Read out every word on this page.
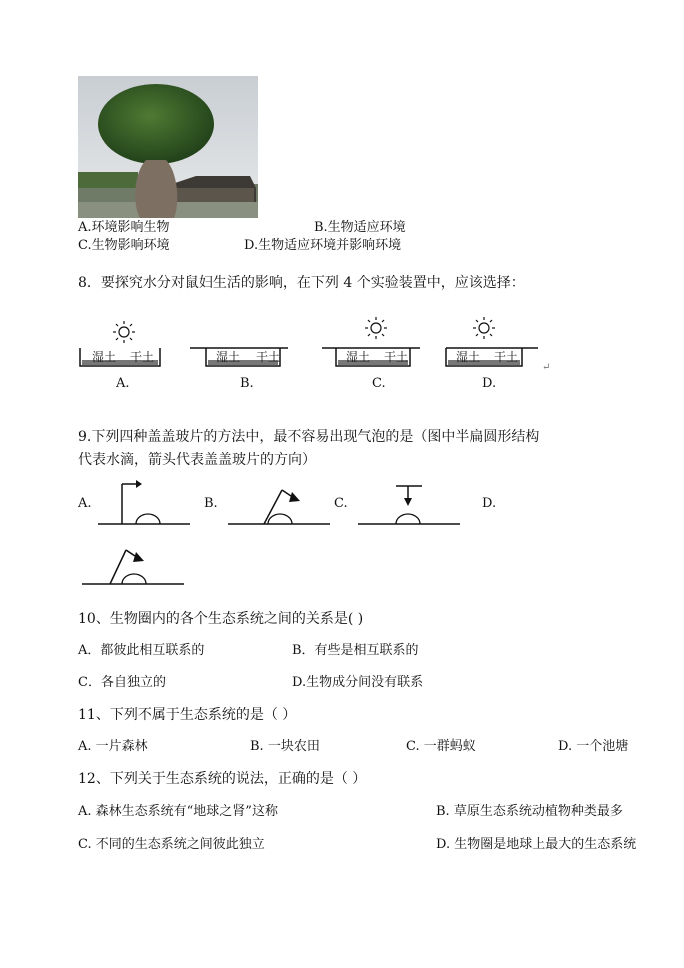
A.环境影响生物	B.生物适应环境
C.生物影响环境	D.生物适应环境并影响环境
8．要探究水分对鼠妇生活的影响，在下列 4 个实验装置中，应该选择：
湿土 干土
A.
湿土 干土
B.
湿土 干土
C.
湿土 干土
D.
↵
9.下列四种盖盖玻片的方法中，最不容易出现气泡的是（图中半扁圆形结构
代表水滴，箭头代表盖盖玻片的方向）
A.	B.	C.	D.
10、生物圈内的各个生态系统之间的关系是( )
A．都彼此相互联系的	B．有些是相互联系的
C．各自独立的	D.生物成分间没有联系
11、下列不属于生态系统的是（ ）
A. 一片森林	B. 一块农田	C. 一群蚂蚁	D. 一个池塘
12、下列关于生态系统的说法，正确的是（ ）
A. 森林生态系统有“地球之肾”这称	B. 草原生态系统动植物种类最多
C. 不同的生态系统之间彼此独立	D. 生物圈是地球上最大的生态系统
